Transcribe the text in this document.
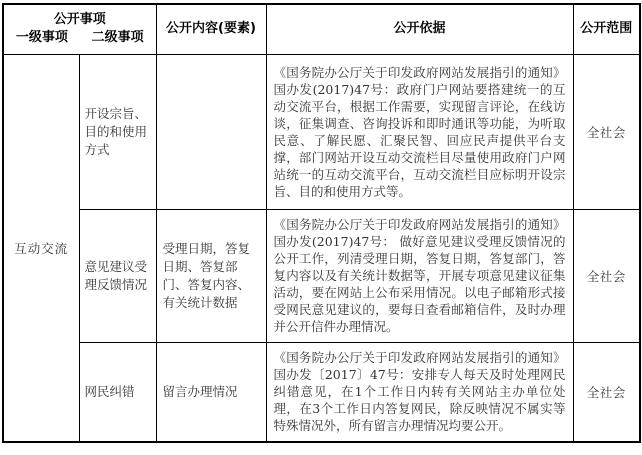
公开事项
一级事项 二级事项		公开内容(要素)	公开依据	公开范围
互动交流	开设宗旨、目的和使用方式		《国务院办公厅关于印发政府网站发展指引的通知》国办发(2017)47号：政府门户网站要搭建统一的互动交流平台，根据工作需要，实现留言评论，在线访谈，征集调查、咨询投诉和即时通讯等功能，为听取民意、了解民愿、汇聚民智、回应民声提供平台支撑，部门网站开设互动交流栏目尽量使用政府门户网站统一的互动交流平台，互动交流栏目应标明开设宗旨、目的和使用方式等。	全社会
	意见建议受理反馈情况	受理日期，答复日期、答复部门、答复内容、有关统计数据	《国务院办公厅关于印发政府网站发展指引的通知》国办发(2017)47号： 做好意见建议受理反馈情况的公开工作，列清受理日期，答复日期，答复部门，答复内容以及有关统计数据等，开展专项意见建议征集活动，要在网站上公布采用情况。以电子邮箱形式接受网民意见建议的，要每日查看邮箱信件，及时办理并公开信件办理情况。	全社会
	网民纠错	留言办理情况	《国务院办公厅关于印发政府网站发展指引的通知》国办发〔2017〕47号：安排专人每天及时处理网民纠错意见，在1个工作日内转有关网站主办单位处理，在3个工作日内答复网民，除反映情况不属实等特殊情况外，所有留言办理情况均要公开。	全社会
